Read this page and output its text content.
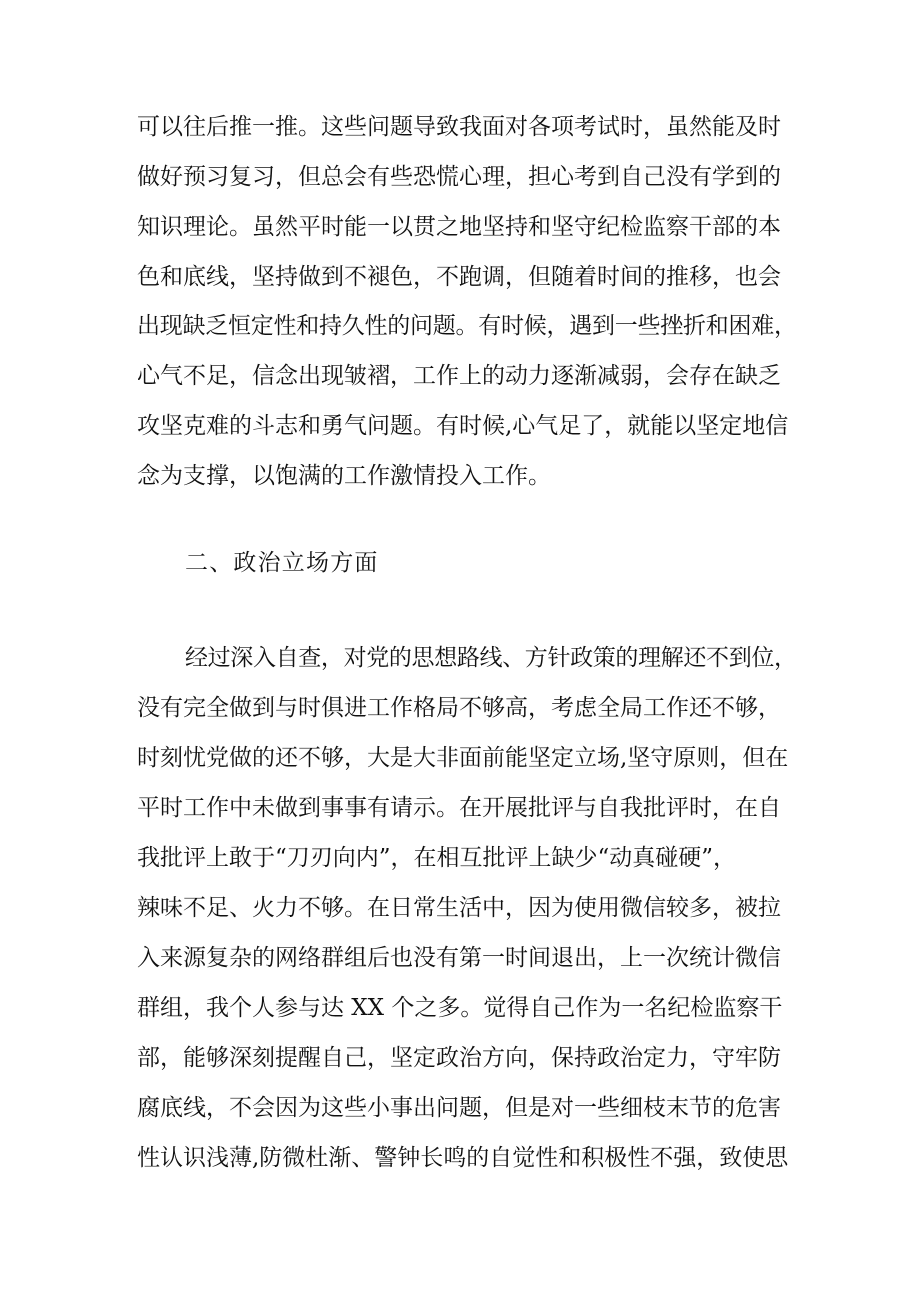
可以往后推一推。这些问题导致我面对各项考试时，虽然能及时
做好预习复习，但总会有些恐慌心理，担心考到自己没有学到的
知识理论。虽然平时能一以贯之地坚持和坚守纪检监察干部的本
色和底线，坚持做到不褪色，不跑调，但随着时间的推移，也会
出现缺乏恒定性和持久性的问题。有时候，遇到一些挫折和困难，
心气不足，信念出现皱褶，工作上的动力逐渐减弱，会存在缺乏
攻坚克难的斗志和勇气问题。有时候,心气足了，就能以坚定地信
念为支撑，以饱满的工作激情投入工作。
二、政治立场方面
经过深入自查，对党的思想路线、方针政策的理解还不到位，
没有完全做到与时俱进工作格局不够高，考虑全局工作还不够，
时刻忧党做的还不够，大是大非面前能坚定立场,坚守原则，但在
平时工作中未做到事事有请示。在开展批评与自我批评时，在自
我批评上敢于“刀刃向内”，在相互批评上缺少“动真碰硬”，
辣味不足、火力不够。在日常生活中，因为使用微信较多，被拉
入来源复杂的网络群组后也没有第一时间退出，上一次统计微信
群组，我个人参与达 XX 个之多。觉得自己作为一名纪检监察干
部，能够深刻提醒自己，坚定政治方向，保持政治定力，守牢防
腐底线，不会因为这些小事出问题，但是对一些细枝末节的危害
性认识浅薄,防微杜渐、警钟长鸣的自觉性和积极性不强，致使思
